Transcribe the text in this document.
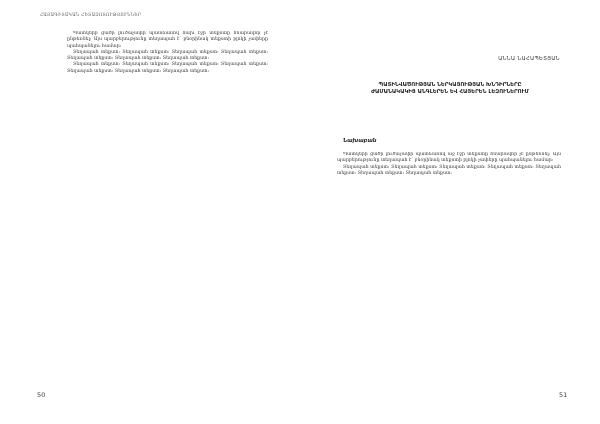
ՀԱՅԱԳԻՏԱԿԱՆ ՀԵՏԱԶՈՏՈՒԹՅՈՒՆՆԵՐ

Պատկերի ցածր լուծաչափի պատճառով ձախ էջի տեքստը հնարավոր չէ ընթեռնել։ Այս պարբերությունը տեղապահ է՝ բնօրինակ տեքստի բլոկի չափերը պահպանելու համար։

Տեղապահ տեքստ։ Տեղապահ տեքստ։ Տեղապահ տեքստ։ Տեղապահ տեքստ։ Տեղապահ տեքստ։ Տեղապահ տեքստ։ Տեղապահ տեքստ։

Տեղապահ տեքստ։ Տեղապահ տեքստ։ Տեղապահ տեքստ։ Տեղապահ տեքստ։ Տեղապահ տեքստ։ Տեղապահ տեքստ։ Տեղապահ տեքստ։

50
ԱՆՆԱ ՆԱՀԱՊԵՏՅԱՆ
ՊԱՏԻՆՎԱԾՈՒԹՅԱՆ ՆԵՐԿԱՅՈՒԹՅԱՆ ԽՆԴԻՐՆԵՐԸ ԺԱՄԱՆԱԿԱԿԻՑ ԱՆԳԼԵՐԵՆ ԵՎ ՀԱՅԵՐԵՆ ԼԵԶՈՒՆԵՐՈՒՄ
Նախաբան

Պատկերի ցածր լուծաչափի պատճառով աջ էջի տեքստը հնարավոր չէ ընթեռնել։ Այս պարբերությունը տեղապահ է՝ բնօրինակ տեքստի բլոկի չափերը պահպանելու համար։

Տեղապահ տեքստ։ Տեղապահ տեքստ։ Տեղապահ տեքստ։ Տեղապահ տեքստ։ Տեղապահ տեքստ։ Տեղապահ տեքստ։ Տեղապահ տեքստ։

51
